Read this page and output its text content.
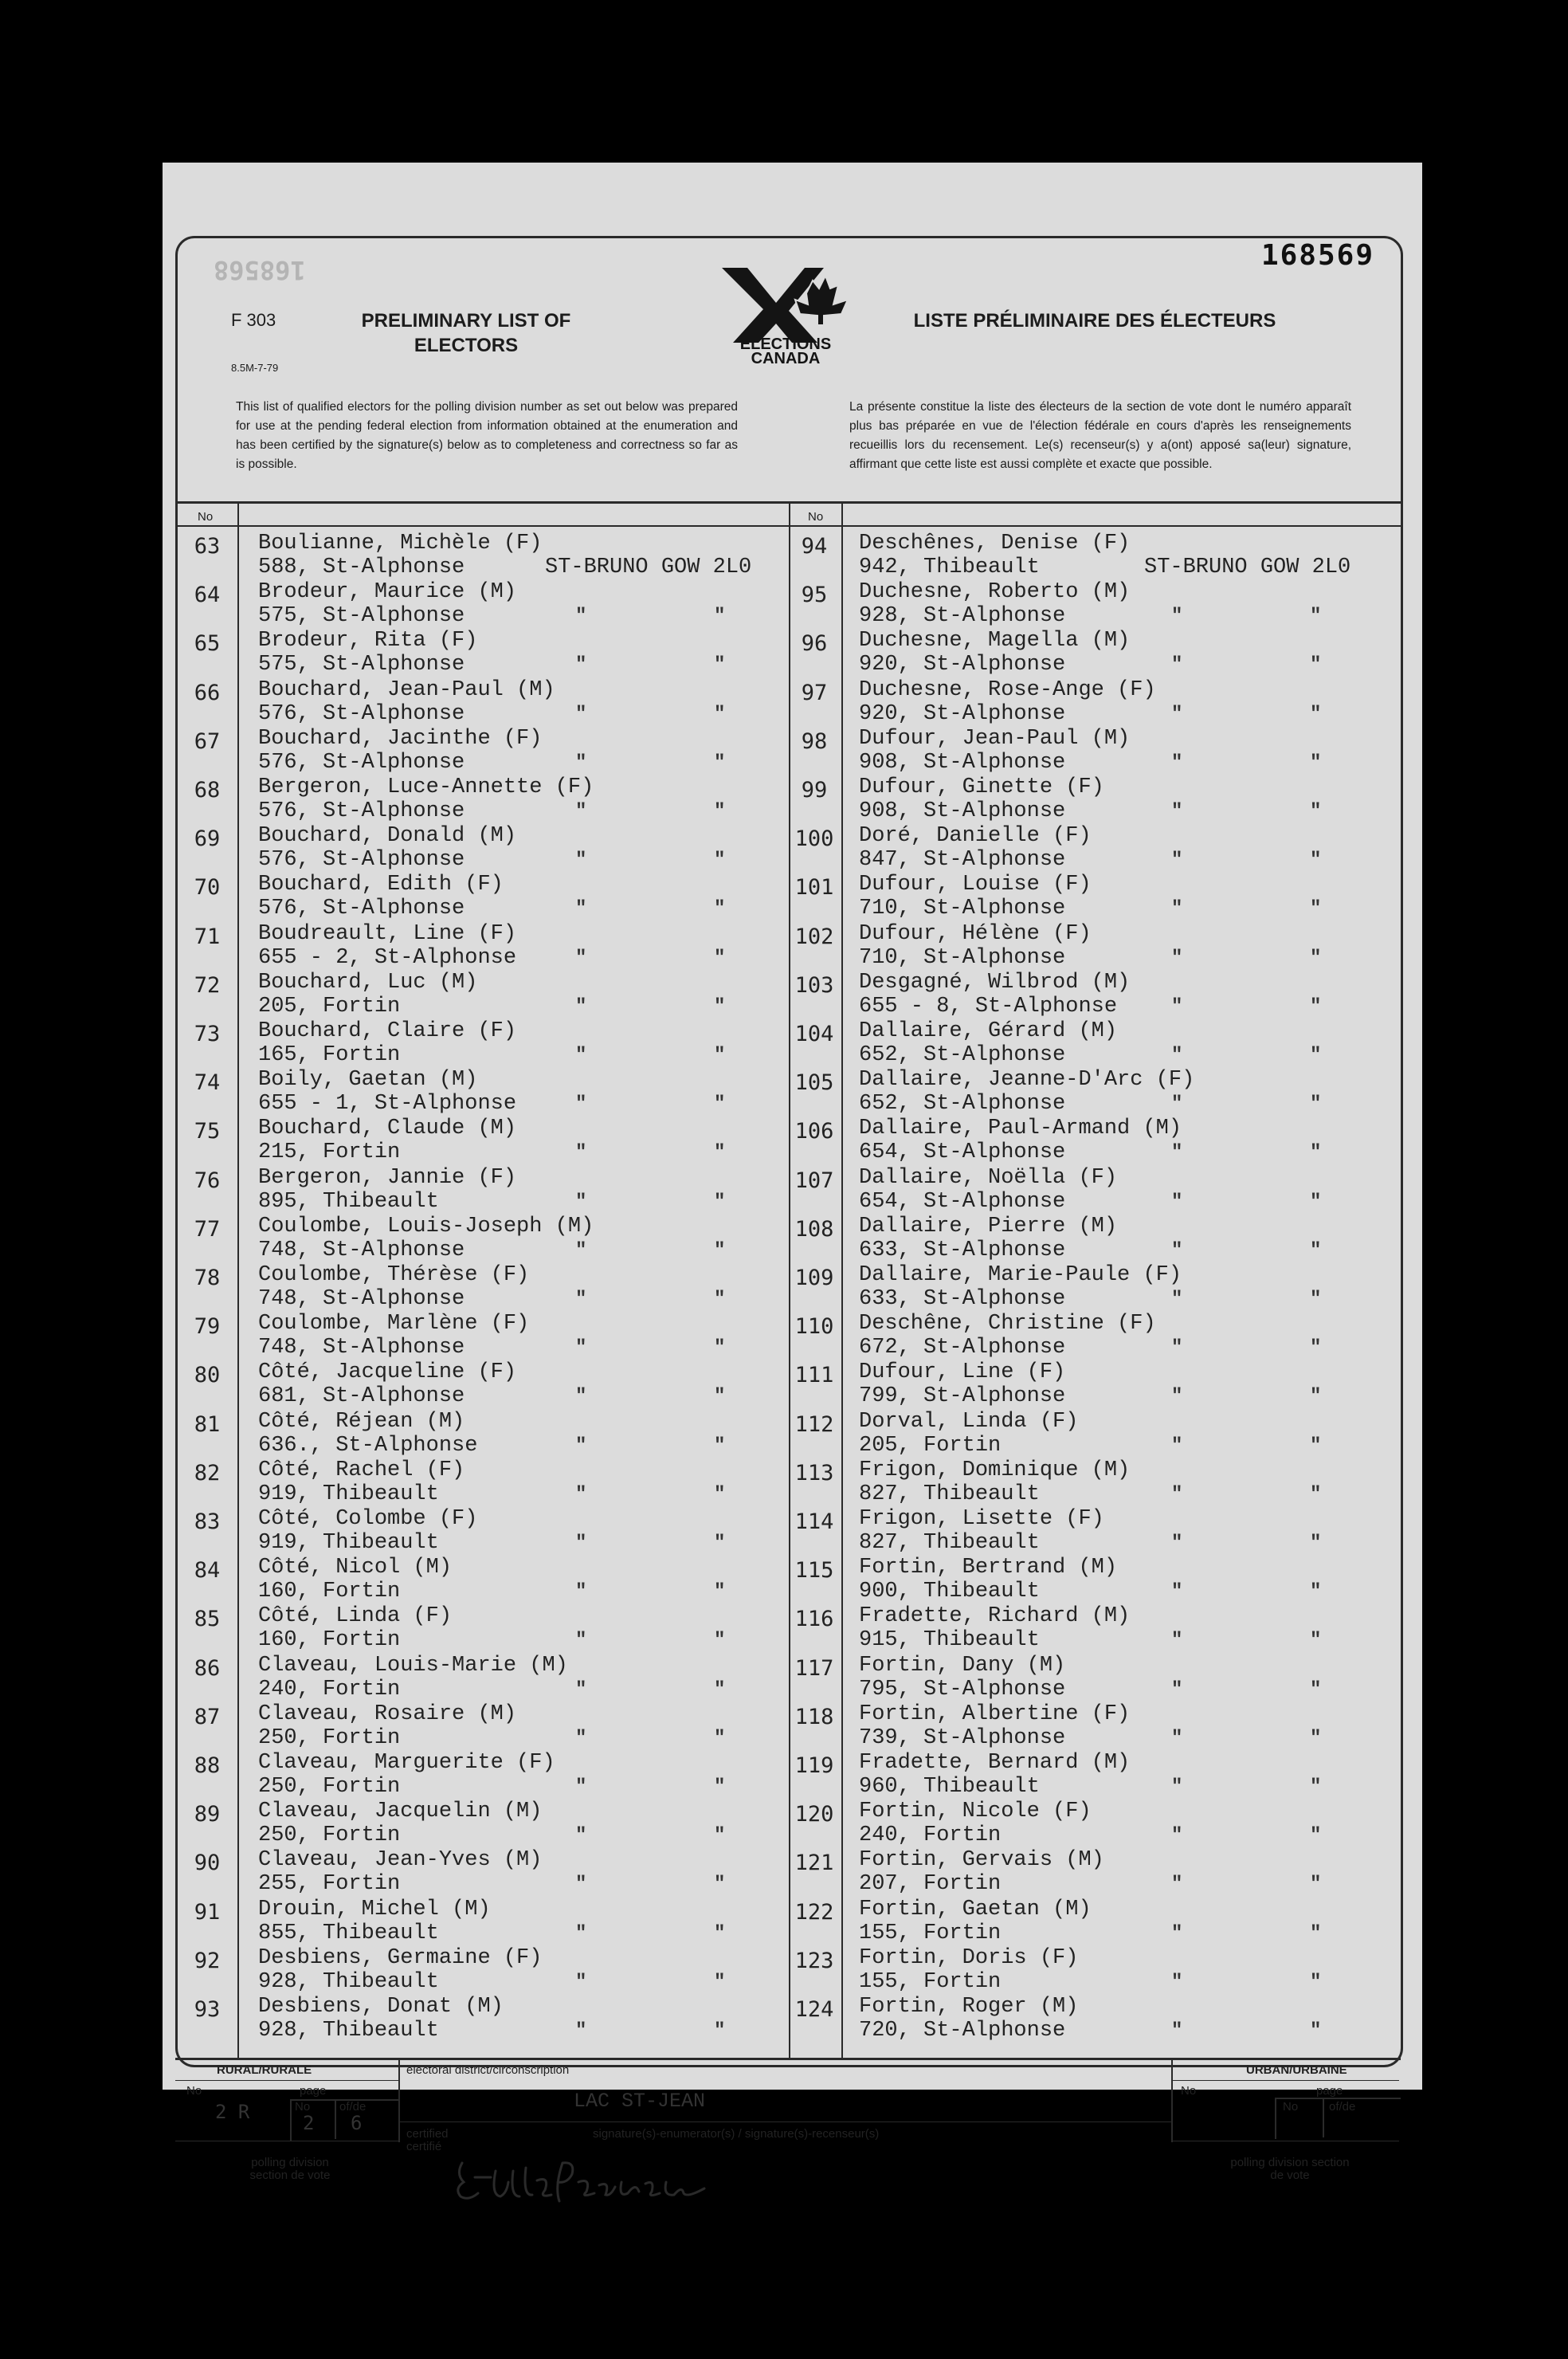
168569
168568
F 303
8.5M-7-79
PRELIMINARY LIST OF ELECTORS
LISTE PRÉLIMINAIRE DES ÉLECTEURS
ELECTIONS
CANADA
This list of qualified electors for the polling division number as set out below was prepared for use at the pending federal election from information obtained at the enumeration and has been certified by the signature(s) below as to completeness and correctness so far as is possible.
La présente constitue la liste des électeurs de la section de vote dont le numéro apparaît plus bas préparée en vue de l'élection fédérale en cours d'après les renseignements recueillis lors du recensement. Le(s) recenseur(s) y a(ont) apposé sa(leur) signature, affirmant que cette liste est aussi complète et exacte que possible.
No	No
63	Boulianne, Michèle (F)
588, St-Alphonse	ST-BRUNO GOW 2L0
64	Brodeur, Maurice (M)
575, St-Alphonse	"	"
65	Brodeur, Rita (F)
575, St-Alphonse	"	"
66	Bouchard, Jean-Paul (M)
576, St-Alphonse	"	"
67	Bouchard, Jacinthe (F)
576, St-Alphonse	"	"
68	Bergeron, Luce-Annette (F)
576, St-Alphonse	"	"
69	Bouchard, Donald (M)
576, St-Alphonse	"	"
70	Bouchard, Edith (F)
576, St-Alphonse	"	"
71	Boudreault, Line (F)
655 - 2, St-Alphonse	"	"
72	Bouchard, Luc (M)
205, Fortin	"	"
73	Bouchard, Claire (F)
165, Fortin	"	"
74	Boily, Gaetan (M)
655 - 1, St-Alphonse	"	"
75	Bouchard, Claude (M)
215, Fortin	"	"
76	Bergeron, Jannie (F)
895, Thibeault	"	"
77	Coulombe, Louis-Joseph (M)
748, St-Alphonse	"	"
78	Coulombe, Thérèse (F)
748, St-Alphonse	"	"
79	Coulombe, Marlène (F)
748, St-Alphonse	"	"
80	Côté, Jacqueline (F)
681, St-Alphonse	"	"
81	Côté, Réjean (M)
636., St-Alphonse	"	"
82	Côté, Rachel (F)
919, Thibeault	"	"
83	Côté, Colombe (F)
919, Thibeault	"	"
84	Côté, Nicol (M)
160, Fortin	"	"
85	Côté, Linda (F)
160, Fortin	"	"
86	Claveau, Louis-Marie (M)
240, Fortin	"	"
87	Claveau, Rosaire (M)
250, Fortin	"	"
88	Claveau, Marguerite (F)
250, Fortin	"	"
89	Claveau, Jacquelin (M)
250, Fortin	"	"
90	Claveau, Jean-Yves (M)
255, Fortin	"	"
91	Drouin, Michel (M)
855, Thibeault	"	"
92	Desbiens, Germaine (F)
928, Thibeault	"	"
93	Desbiens, Donat (M)
928, Thibeault	"	"
94	Deschênes, Denise (F)
942, Thibeault	ST-BRUNO GOW 2L0
95	Duchesne, Roberto (M)
928, St-Alphonse	"	"
96	Duchesne, Magella (M)
920, St-Alphonse	"	"
97	Duchesne, Rose-Ange (F)
920, St-Alphonse	"	"
98	Dufour, Jean-Paul (M)
908, St-Alphonse	"	"
99	Dufour, Ginette (F)
908, St-Alphonse	"	"
100	Doré, Danielle (F)
847, St-Alphonse	"	"
101	Dufour, Louise (F)
710, St-Alphonse	"	"
102	Dufour, Hélène (F)
710, St-Alphonse	"	"
103	Desgagné, Wilbrod (M)
655 - 8, St-Alphonse	"	"
104	Dallaire, Gérard (M)
652, St-Alphonse	"	"
105	Dallaire, Jeanne-D'Arc (F)
652, St-Alphonse	"	"
106	Dallaire, Paul-Armand (M)
654, St-Alphonse	"	"
107	Dallaire, Noëlla (F)
654, St-Alphonse	"	"
108	Dallaire, Pierre (M)
633, St-Alphonse	"	"
109	Dallaire, Marie-Paule (F)
633, St-Alphonse	"	"
110	Deschêne, Christine (F)
672, St-Alphonse	"	"
111	Dufour, Line (F)
799, St-Alphonse	"	"
112	Dorval, Linda (F)
205, Fortin	"	"
113	Frigon, Dominique (M)
827, Thibeault	"	"
114	Frigon, Lisette (F)
827, Thibeault	"	"
115	Fortin, Bertrand (M)
900, Thibeault	"	"
116	Fradette, Richard (M)
915, Thibeault	"	"
117	Fortin, Dany (M)
795, St-Alphonse	"	"
118	Fortin, Albertine (F)
739, St-Alphonse	"	"
119	Fradette, Bernard (M)
960, Thibeault	"	"
120	Fortin, Nicole (F)
240, Fortin	"	"
121	Fortin, Gervais (M)
207, Fortin	"	"
122	Fortin, Gaetan (M)
155, Fortin	"	"
123	Fortin, Doris (F)
155, Fortin	"	"
124	Fortin, Roger (M)
720, St-Alphonse	"	"
RURAL/RURALE
No	page
2 R	No
2
of/de
6
polling division section de vote
electoral district/circonscription
LAC ST-JEAN
certified certifié
signature(s)-enumerator(s) / signature(s)-recenseur(s)
URBAN/URBAINE
No	page
No	of/de
polling division section de vote
